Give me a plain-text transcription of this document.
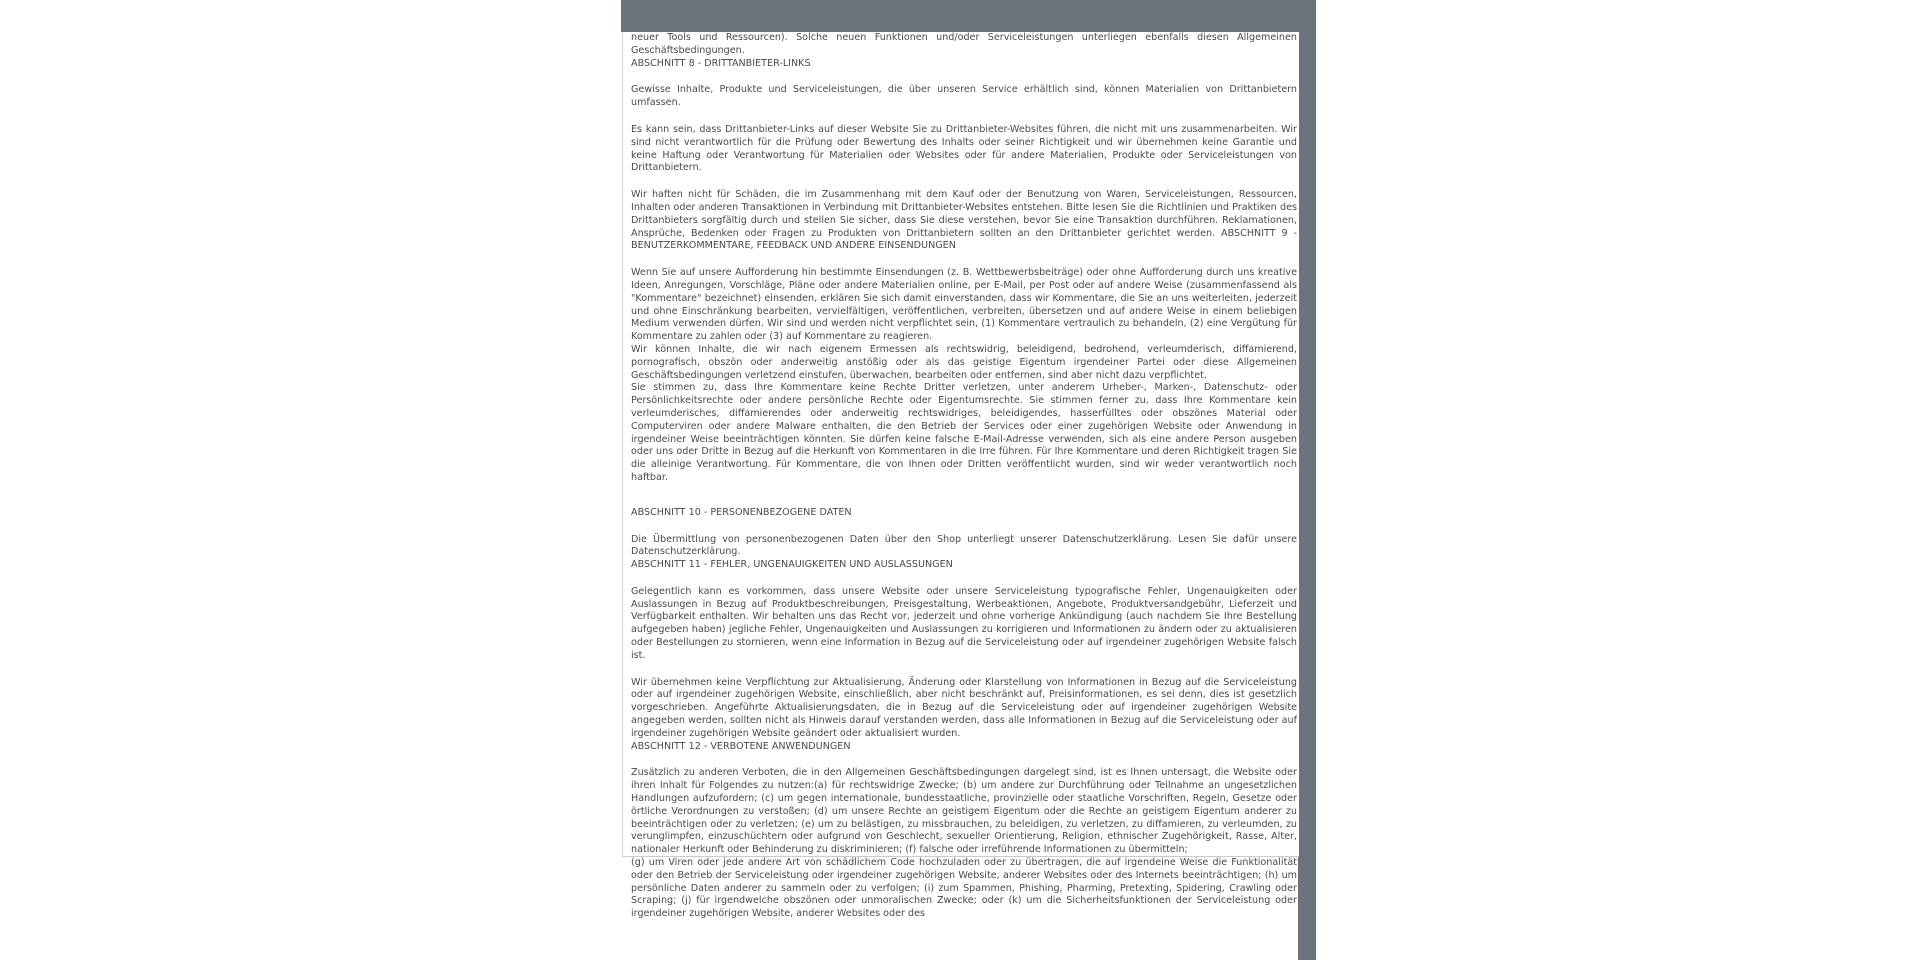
neuer Tools und Ressourcen). Solche neuen Funktionen und/oder Serviceleistungen unterliegen ebenfalls diesen Allgemeinen Geschäftsbedingungen.

ABSCHNITT 8 - DRITTANBIETER-LINKS

Gewisse Inhalte, Produkte und Serviceleistungen, die über unseren Service erhältlich sind, können Materialien von Drittanbietern umfassen.

Es kann sein, dass Drittanbieter-Links auf dieser Website Sie zu Drittanbieter-Websites führen, die nicht mit uns zusammenarbeiten. Wir sind nicht verantwortlich für die Prüfung oder Bewertung des Inhalts oder seiner Richtigkeit und wir übernehmen keine Garantie und keine Haftung oder Verantwortung für Materialien oder Websites oder für andere Materialien, Produkte oder Serviceleistungen von Drittanbietern.

Wir haften nicht für Schäden, die im Zusammenhang mit dem Kauf oder der Benutzung von Waren, Serviceleistungen, Ressourcen, Inhalten oder anderen Transaktionen in Verbindung mit Drittanbieter-Websites entstehen. Bitte lesen Sie die Richtlinien und Praktiken des Drittanbieters sorgfältig durch und stellen Sie sicher, dass Sie diese verstehen, bevor Sie eine Transaktion durchführen. Reklamationen, Ansprüche, Bedenken oder Fragen zu Produkten von Drittanbietern sollten an den Drittanbieter gerichtet werden. ABSCHNITT 9 - BENUTZERKOMMENTARE, FEEDBACK UND ANDERE EINSENDUNGEN

Wenn Sie auf unsere Aufforderung hin bestimmte Einsendungen (z. B. Wettbewerbsbeiträge) oder ohne Aufforderung durch uns kreative Ideen, Anregungen, Vorschläge, Pläne oder andere Materialien online, per E-Mail, per Post oder auf andere Weise (zusammenfassend als "Kommentare" bezeichnet) einsenden, erklären Sie sich damit einverstanden, dass wir Kommentare, die Sie an uns weiterleiten, jederzeit und ohne Einschränkung bearbeiten, vervielfältigen, veröffentlichen, verbreiten, übersetzen und auf andere Weise in einem beliebigen Medium verwenden dürfen. Wir sind und werden nicht verpflichtet sein, (1) Kommentare vertraulich zu behandeln, (2) eine Vergütung für Kommentare zu zahlen oder (3) auf Kommentare zu reagieren.

Wir können Inhalte, die wir nach eigenem Ermessen als rechtswidrig, beleidigend, bedrohend, verleumderisch, diffamierend, pornografisch, obszön oder anderweitig anstößig oder als das geistige Eigentum irgendeiner Partei oder diese Allgemeinen Geschäftsbedingungen verletzend einstufen, überwachen, bearbeiten oder entfernen, sind aber nicht dazu verpflichtet.

Sie stimmen zu, dass Ihre Kommentare keine Rechte Dritter verletzen, unter anderem Urheber-, Marken-, Datenschutz- oder Persönlichkeitsrechte oder andere persönliche Rechte oder Eigentumsrechte. Sie stimmen ferner zu, dass Ihre Kommentare kein verleumderisches, diffamierendes oder anderweitig rechtswidriges, beleidigendes, hasserfülltes oder obszönes Material oder Computerviren oder andere Malware enthalten, die den Betrieb der Services oder einer zugehörigen Website oder Anwendung in irgendeiner Weise beeinträchtigen könnten. Sie dürfen keine falsche E-Mail-Adresse verwenden, sich als eine andere Person ausgeben oder uns oder Dritte in Bezug auf die Herkunft von Kommentaren in die Irre führen. Für Ihre Kommentare und deren Richtigkeit tragen Sie die alleinige Verantwortung. Für Kommentare, die von Ihnen oder Dritten veröffentlicht wurden, sind wir weder verantwortlich noch haftbar.

ABSCHNITT 10 - PERSONENBEZOGENE DATEN

Die Übermittlung von personenbezogenen Daten über den Shop unterliegt unserer Datenschutzerklärung. Lesen Sie dafür unsere Datenschutzerklärung.

ABSCHNITT 11 - FEHLER, UNGENAUIGKEITEN UND AUSLASSUNGEN

Gelegentlich kann es vorkommen, dass unsere Website oder unsere Serviceleistung typografische Fehler, Ungenauigkeiten oder Auslassungen in Bezug auf Produktbeschreibungen, Preisgestaltung, Werbeaktionen, Angebote, Produktversandgebühr, Lieferzeit und Verfügbarkeit enthalten. Wir behalten uns das Recht vor, jederzeit und ohne vorherige Ankündigung (auch nachdem Sie Ihre Bestellung aufgegeben haben) jegliche Fehler, Ungenauigkeiten und Auslassungen zu korrigieren und Informationen zu ändern oder zu aktualisieren oder Bestellungen zu stornieren, wenn eine Information in Bezug auf die Serviceleistung oder auf irgendeiner zugehörigen Website falsch ist.

Wir übernehmen keine Verpflichtung zur Aktualisierung, Änderung oder Klarstellung von Informationen in Bezug auf die Serviceleistung oder auf irgendeiner zugehörigen Website, einschließlich, aber nicht beschränkt auf, Preisinformationen, es sei denn, dies ist gesetzlich vorgeschrieben. Angeführte Aktualisierungsdaten, die in Bezug auf die Serviceleistung oder auf irgendeiner zugehörigen Website angegeben werden, sollten nicht als Hinweis darauf verstanden werden, dass alle Informationen in Bezug auf die Serviceleistung oder auf irgendeiner zugehörigen Website geändert oder aktualisiert wurden.

ABSCHNITT 12 - VERBOTENE ANWENDUNGEN

Zusätzlich zu anderen Verboten, die in den Allgemeinen Geschäftsbedingungen dargelegt sind, ist es Ihnen untersagt, die Website oder ihren Inhalt für Folgendes zu nutzen:(a) für rechtswidrige Zwecke; (b) um andere zur Durchführung oder Teilnahme an ungesetzlichen Handlungen aufzufordern; (c) um gegen internationale, bundesstaatliche, provinzielle oder staatliche Vorschriften, Regeln, Gesetze oder örtliche Verordnungen zu verstoßen; (d) um unsere Rechte an geistigem Eigentum oder die Rechte an geistigem Eigentum anderer zu beeinträchtigen oder zu verletzen; (e) um zu belästigen, zu missbrauchen, zu beleidigen, zu verletzen, zu diffamieren, zu verleumden, zu verunglimpfen, einzuschüchtern oder aufgrund von Geschlecht, sexueller Orientierung, Religion, ethnischer Zugehörigkeit, Rasse, Alter, nationaler Herkunft oder Behinderung zu diskriminieren; (f) falsche oder irreführende Informationen zu übermitteln;

(g) um Viren oder jede andere Art von schädlichem Code hochzuladen oder zu übertragen, die auf irgendeine Weise die Funktionalität oder den Betrieb der Serviceleistung oder irgendeiner zugehörigen Website, anderer Websites oder des Internets beeinträchtigen; (h) um persönliche Daten anderer zu sammeln oder zu verfolgen; (i) zum Spammen, Phishing, Pharming, Pretexting, Spidering, Crawling oder Scraping; (j) für irgendwelche obszönen oder unmoralischen Zwecke; oder (k) um die Sicherheitsfunktionen der Serviceleistung oder irgendeiner zugehörigen Website, anderer Websites oder des
